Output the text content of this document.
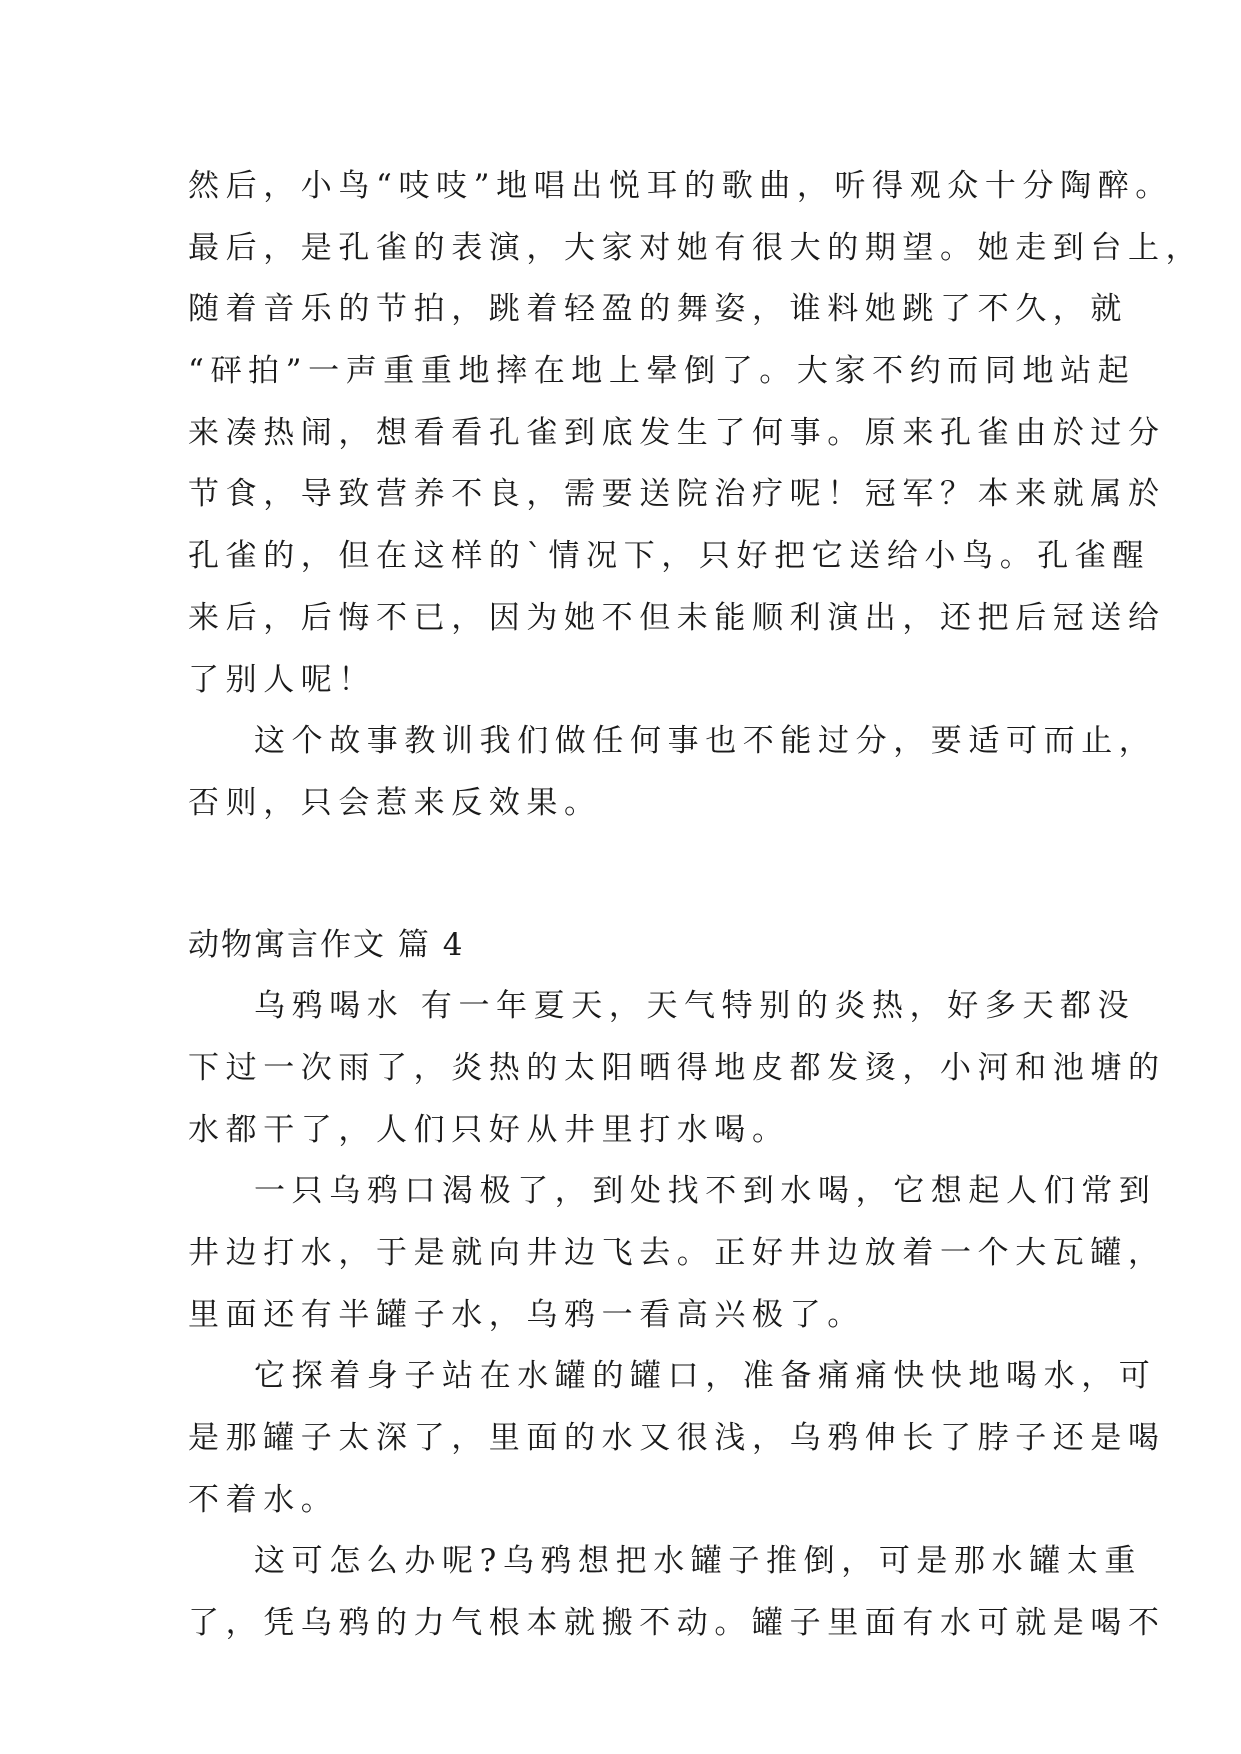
然后，小鸟“吱吱”地唱出悦耳的歌曲，听得观众十分陶醉。
最后，是孔雀的表演，大家对她有很大的期望。她走到台上，
随着音乐的节拍，跳着轻盈的舞姿，谁料她跳了不久，就
“砰拍”一声重重地摔在地上晕倒了。大家不约而同地站起
来凑热闹，想看看孔雀到底发生了何事。原来孔雀由於过分
节食，导致营养不良，需要送院治疗呢！冠军？本来就属於
孔雀的，但在这样的`情况下，只好把它送给小鸟。孔雀醒
来后，后悔不已，因为她不但未能顺利演出，还把后冠送给
了别人呢！
这个故事教训我们做任何事也不能过分，要适可而止，
否则，只会惹来反效果。
动物寓言作文 篇 4
乌鸦喝水 有一年夏天，天气特别的炎热，好多天都没
下过一次雨了，炎热的太阳晒得地皮都发烫，小河和池塘的
水都干了，人们只好从井里打水喝。
一只乌鸦口渴极了，到处找不到水喝，它想起人们常到
井边打水，于是就向井边飞去。正好井边放着一个大瓦罐，
里面还有半罐子水，乌鸦一看高兴极了。
它探着身子站在水罐的罐口，准备痛痛快快地喝水，可
是那罐子太深了，里面的水又很浅，乌鸦伸长了脖子还是喝
不着水。
这可怎么办呢?乌鸦想把水罐子推倒，可是那水罐太重
了，凭乌鸦的力气根本就搬不动。罐子里面有水可就是喝不
